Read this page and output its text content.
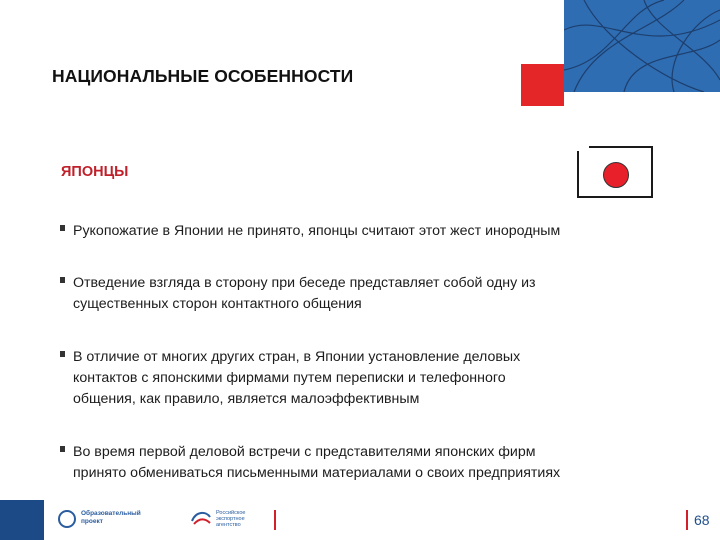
НАЦИОНАЛЬНЫЕ ОСОБЕННОСТИ
ЯПОНЦЫ
Рукопожатие в Японии не принято, японцы считают этот жест инородным
Отведение взгляда в сторону при беседе представляет собой одну из
существенных сторон контактного общения
В отличие от многих других стран, в Японии установление деловых
контактов с японскими фирмами путем переписки и телефонного
общения, как правило, является малоэффективным
Во время первой деловой встречи с представителями японских фирм
принято обмениваться письменными материалами о своих предприятиях
Образовательный
проект
Российское
экспортное
агентство	68
